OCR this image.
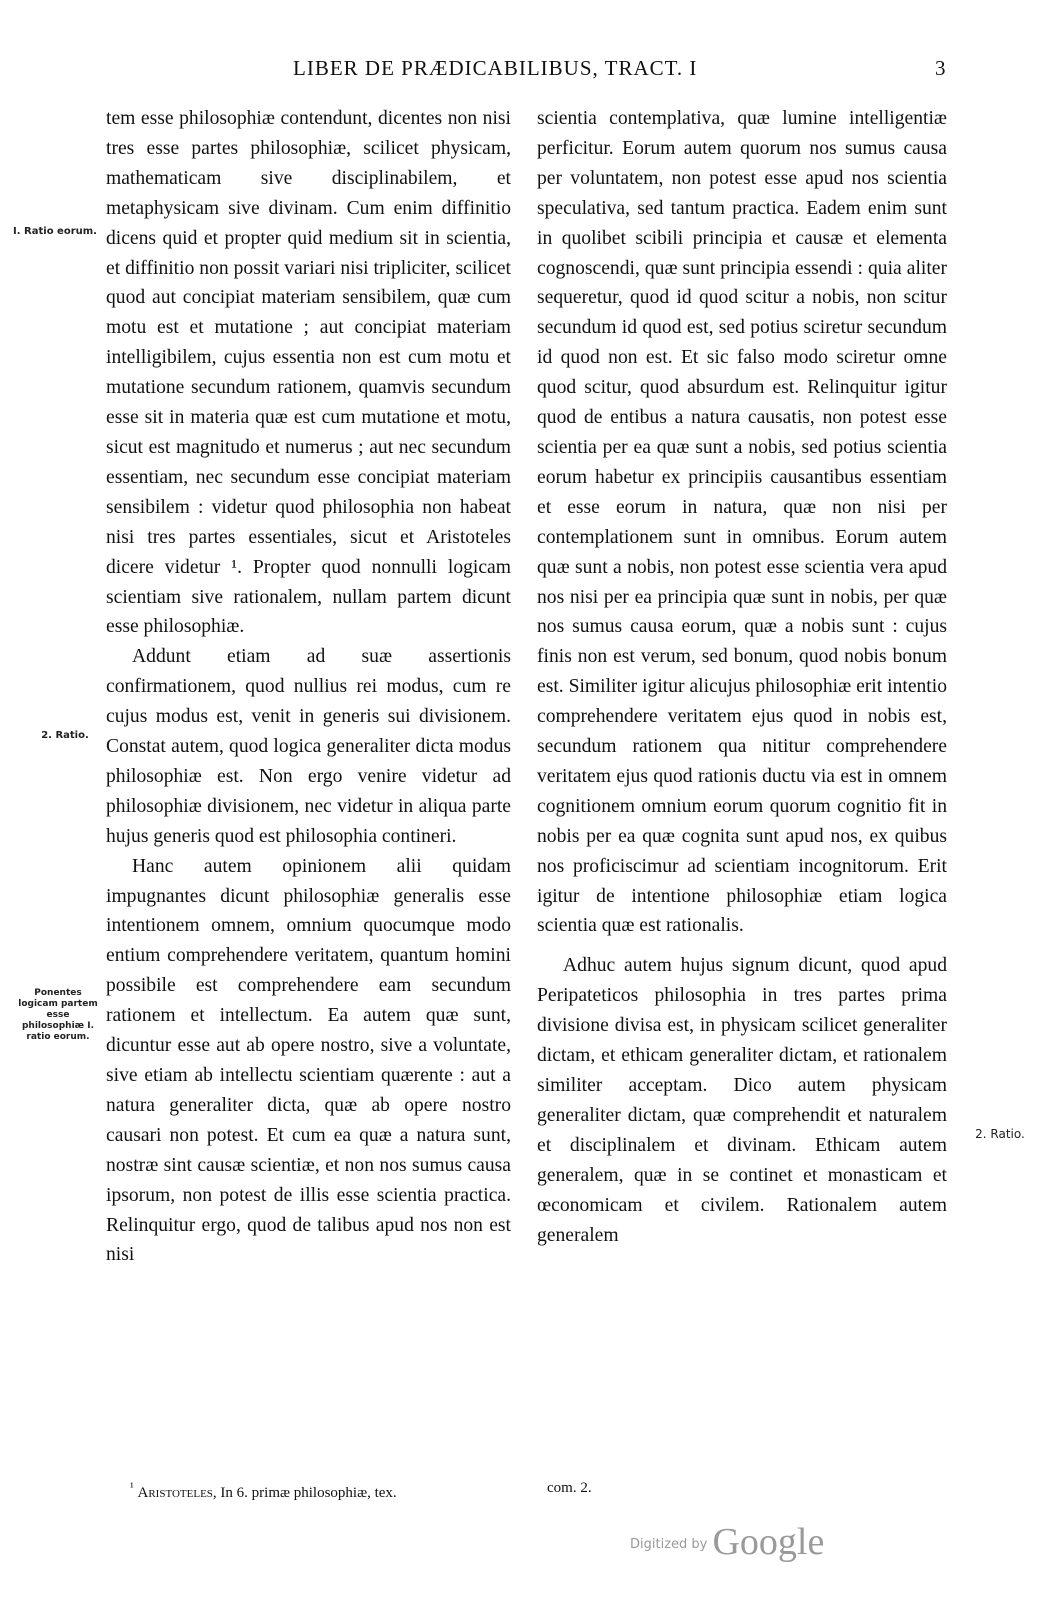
LIBER DE PRÆDICABILIBUS, TRACT. I	3
I. Ratio eorum.
2. Ratio.
Ponentes logicam partem esse philosophiæ I. ratio eorum.
2. Ratio.

tem esse philosophiæ contendunt, dicentes non nisi tres esse partes philosophiæ, scilicet physicam, mathematicam sive disciplinabilem, et metaphysicam sive divinam. Cum enim diffinitio dicens quid et propter quid medium sit in scientia, et diffinitio non possit variari nisi tripliciter, scilicet quod aut concipiat materiam sensibilem, quæ cum motu est et mutatione ; aut concipiat materiam intelligibilem, cujus essentia non est cum motu et mutatione secundum rationem, quamvis secundum esse sit in materia quæ est cum mutatione et motu, sicut est magnitudo et numerus ; aut nec secundum essentiam, nec secundum esse concipiat materiam sensibilem : videtur quod philosophia non habeat nisi tres partes essentiales, sicut et Aristoteles dicere videtur ¹. Propter quod nonnulli logicam scientiam sive rationalem, nullam partem dicunt esse philosophiæ.

Addunt etiam ad suæ assertionis confirmationem, quod nullius rei modus, cum re cujus modus est, venit in generis sui divisionem. Constat autem, quod logica generaliter dicta modus philosophiæ est. Non ergo venire videtur ad philosophiæ divisionem, nec videtur in aliqua parte hujus generis quod est philosophia contineri.

Hanc autem opinionem alii quidam impugnantes dicunt philosophiæ generalis esse intentionem omnem, omnium quocumque modo entium comprehendere veritatem, quantum homini possibile est comprehendere eam secundum rationem et intellectum. Ea autem quæ sunt, dicuntur esse aut ab opere nostro, sive a voluntate, sive etiam ab intellectu scientiam quærente : aut a natura generaliter dicta, quæ ab opere nostro causari non potest. Et cum ea quæ a natura sunt, nostræ sint causæ scientiæ, et non nos sumus causa ipsorum, non potest de illis esse scientia practica. Relinquitur ergo, quod de talibus apud nos non est nisi

scientia contemplativa, quæ lumine intelligentiæ perficitur. Eorum autem quorum nos sumus causa per voluntatem, non potest esse apud nos scientia speculativa, sed tantum practica. Eadem enim sunt in quolibet scibili principia et causæ et elementa cognoscendi, quæ sunt principia essendi : quia aliter sequeretur, quod id quod scitur a nobis, non scitur secundum id quod est, sed potius sciretur secundum id quod non est. Et sic falso modo sciretur omne quod scitur, quod absurdum est. Relinquitur igitur quod de entibus a natura causatis, non potest esse scientia per ea quæ sunt a nobis, sed potius scientia eorum habetur ex principiis causantibus essentiam et esse eorum in natura, quæ non nisi per contemplationem sunt in omnibus. Eorum autem quæ sunt a nobis, non potest esse scientia vera apud nos nisi per ea principia quæ sunt in nobis, per quæ nos sumus causa eorum, quæ a nobis sunt : cujus finis non est verum, sed bonum, quod nobis bonum est. Similiter igitur alicujus philosophiæ erit intentio comprehendere veritatem ejus quod in nobis est, secundum rationem qua nititur comprehendere veritatem ejus quod rationis ductu via est in omnem cognitionem omnium eorum quorum cognitio fit in nobis per ea quæ cognita sunt apud nos, ex quibus nos proficiscimur ad scientiam incognitorum. Erit igitur de intentione philosophiæ etiam logica scientia quæ est rationalis.

Adhuc autem hujus signum dicunt, quod apud Peripateticos philosophia in tres partes prima divisione divisa est, in physicam scilicet generaliter dictam, et ethicam generaliter dictam, et rationalem similiter acceptam. Dico autem physicam generaliter dictam, quæ comprehendit et naturalem et disciplinalem et divinam. Ethicam autem generalem, quæ in se continet et monasticam et œconomicam et civilem. Rationalem autem generalem

$^{^1}$ Aristoteles, In 6. primæ philosophiæ, tex.	com. 2.
$^{Digitized by}$ Google
